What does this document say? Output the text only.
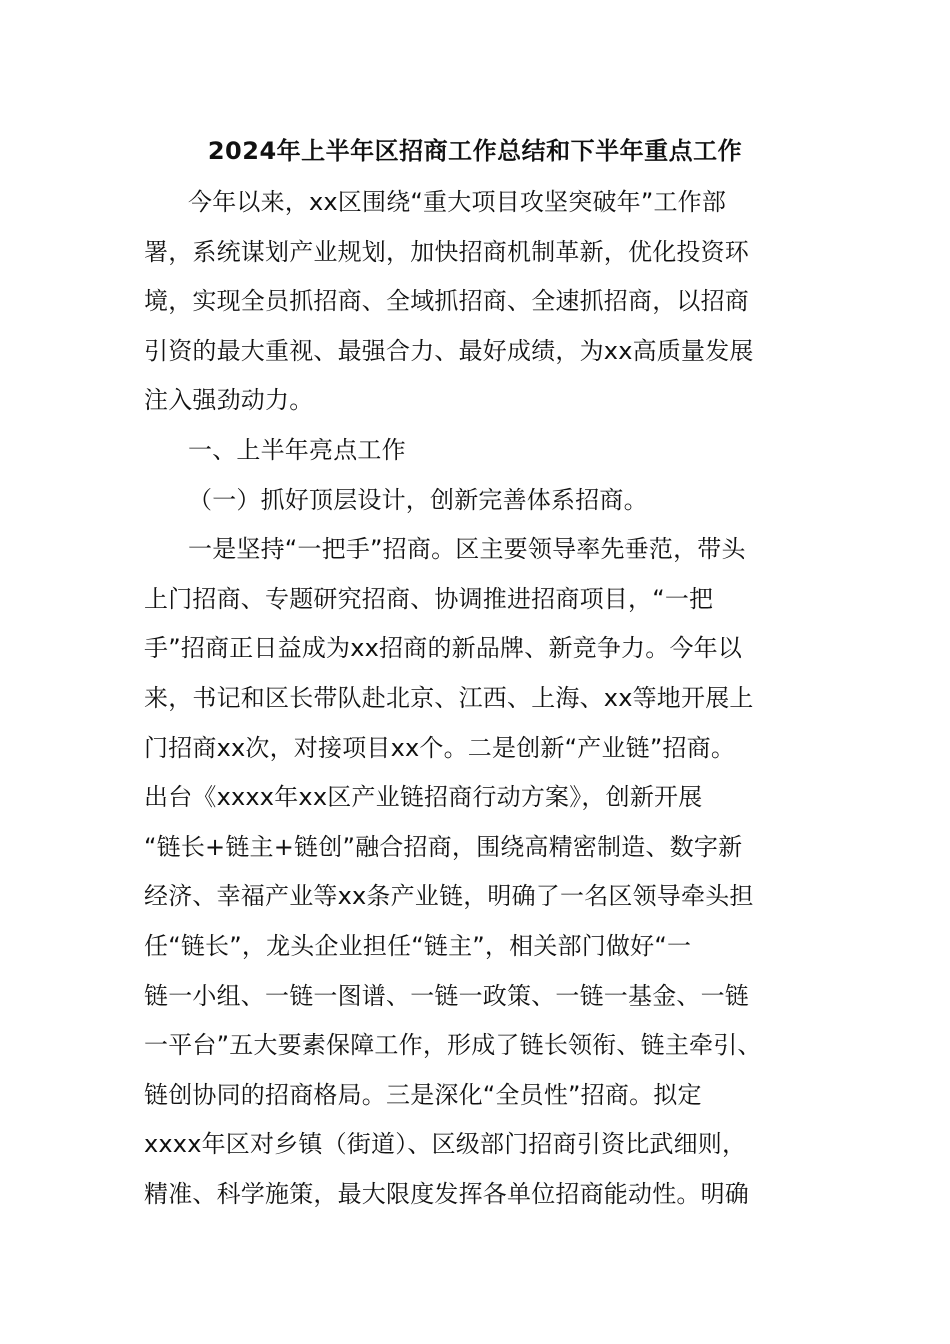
2024年上半年区招商工作总结和下半年重点工作
今年以来，xx区围绕“重大项目攻坚突破年”工作部
署，系统谋划产业规划，加快招商机制革新，优化投资环
境，实现全员抓招商、全域抓招商、全速抓招商，以招商
引资的最大重视、最强合力、最好成绩，为xx高质量发展
注入强劲动力。
一、上半年亮点工作
（一）抓好顶层设计，创新完善体系招商。
一是坚持“一把手”招商。区主要领导率先垂范，带头
上门招商、专题研究招商、协调推进招商项目，“一把
手”招商正日益成为xx招商的新品牌、新竞争力。今年以
来，书记和区长带队赴北京、江西、上海、xx等地开展上
门招商xx次，对接项目xx个。二是创新“产业链”招商。
出台《xxxx年xx区产业链招商行动方案》，创新开展
“链长+链主+链创”融合招商，围绕高精密制造、数字新
经济、幸福产业等xx条产业链，明确了一名区领导牵头担
任“链长”，龙头企业担任“链主”，相关部门做好“一
链一小组、一链一图谱、一链一政策、一链一基金、一链
一平台”五大要素保障工作，形成了链长领衔、链主牵引、
链创协同的招商格局。三是深化“全员性”招商。拟定
xxxx年区对乡镇（街道）、区级部门招商引资比武细则，
精准、科学施策，最大限度发挥各单位招商能动性。明确
